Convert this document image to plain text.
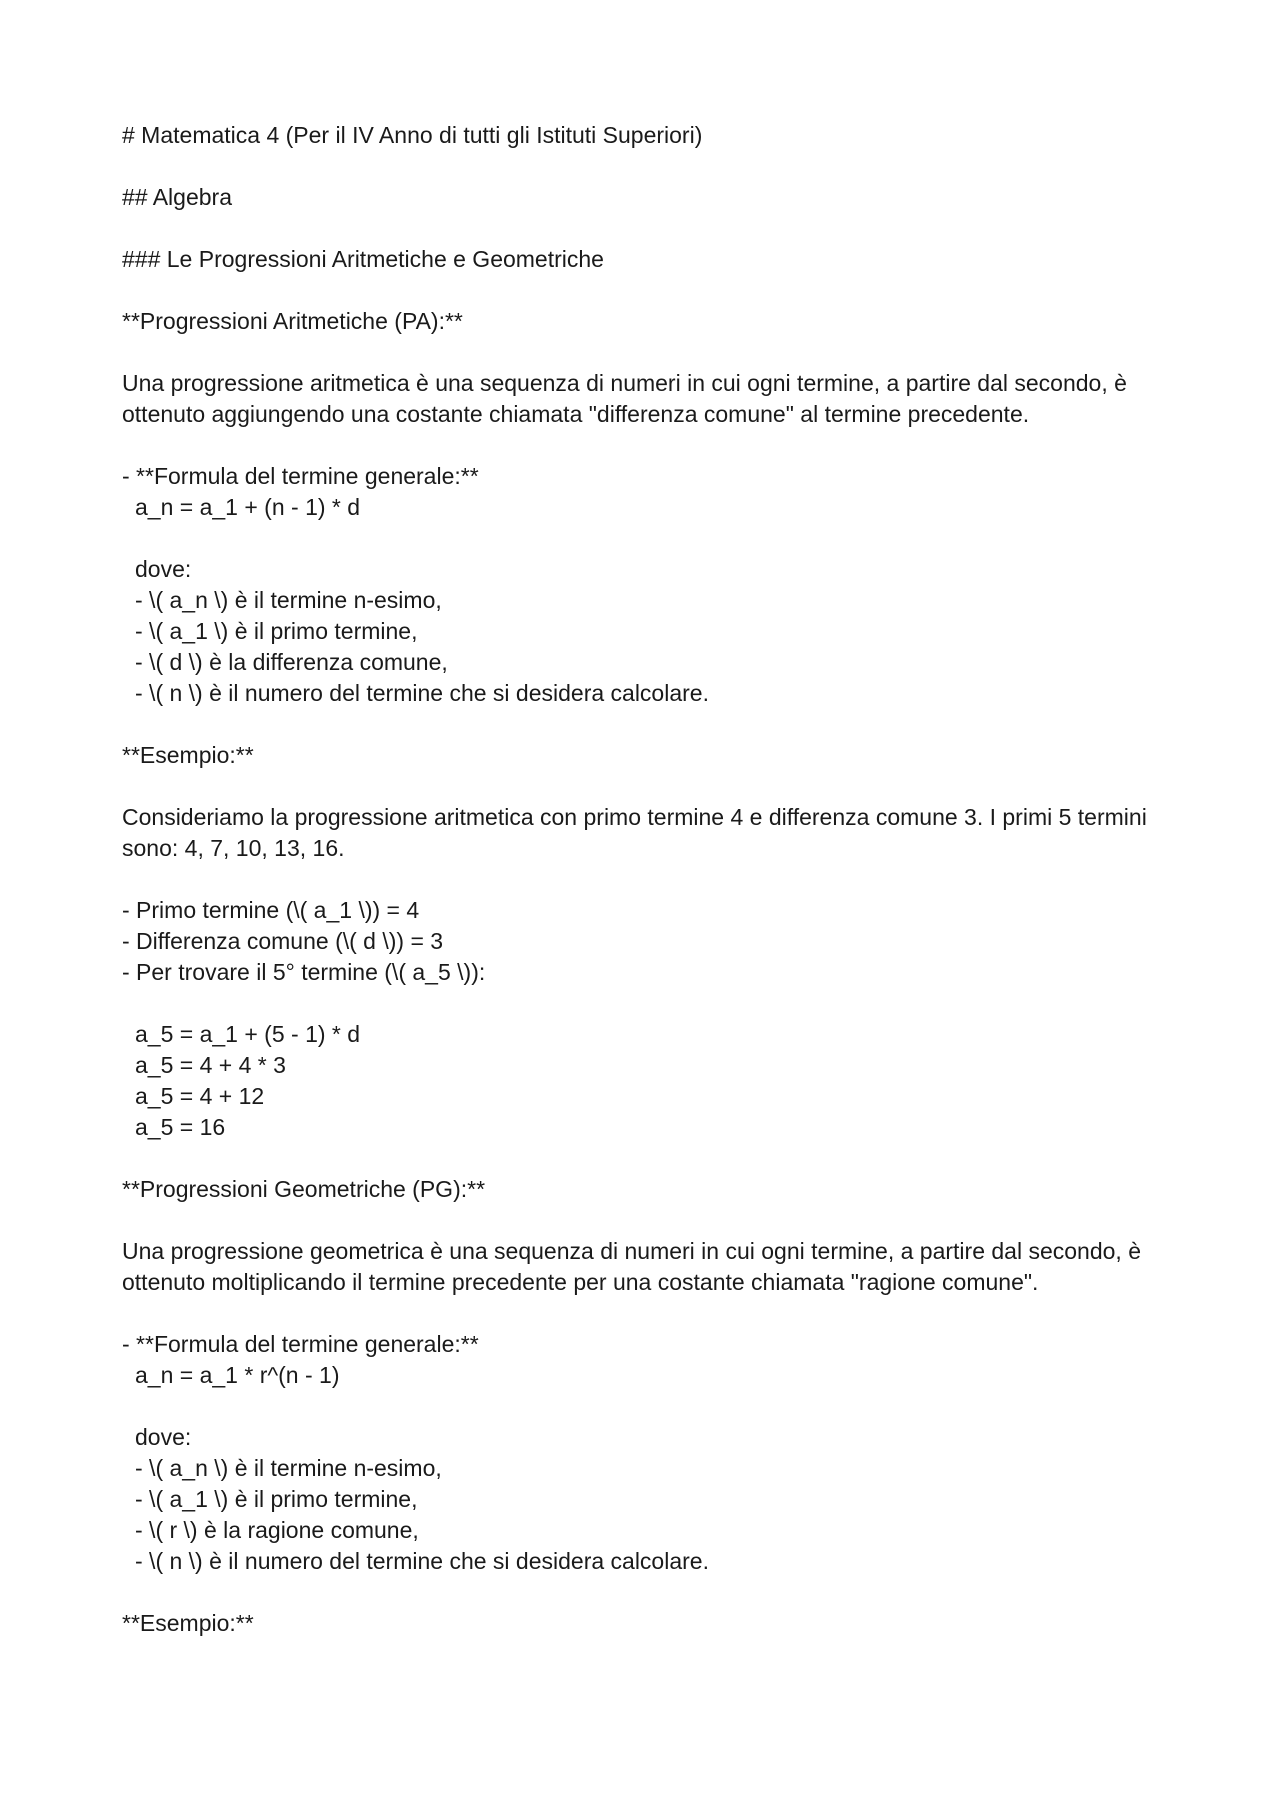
# Matematica 4 (Per il IV Anno di tutti gli Istituti Superiori)
## Algebra
### Le Progressioni Aritmetiche e Geometriche
**Progressioni Aritmetiche (PA):**
Una progressione aritmetica è una sequenza di numeri in cui ogni termine, a partire dal secondo, è ottenuto aggiungendo una costante chiamata "differenza comune" al termine precedente.
- **Formula del termine generale:**
a_n = a_1 + (n - 1) * d
dove:
- \( a_n \) è il termine n-esimo,
- \( a_1 \) è il primo termine,
- \( d \) è la differenza comune,
- \( n \) è il numero del termine che si desidera calcolare.
**Esempio:**
Consideriamo la progressione aritmetica con primo termine 4 e differenza comune 3. I primi 5 termini sono: 4, 7, 10, 13, 16.
- Primo termine (\( a_1 \)) = 4
- Differenza comune (\( d \)) = 3
- Per trovare il 5° termine (\( a_5 \)):
a_5 = a_1 + (5 - 1) * d
a_5 = 4 + 4 * 3
a_5 = 4 + 12
a_5 = 16
**Progressioni Geometriche (PG):**
Una progressione geometrica è una sequenza di numeri in cui ogni termine, a partire dal secondo, è ottenuto moltiplicando il termine precedente per una costante chiamata "ragione comune".
- **Formula del termine generale:**
a_n = a_1 * r^(n - 1)
dove:
- \( a_n \) è il termine n-esimo,
- \( a_1 \) è il primo termine,
- \( r \) è la ragione comune,
- \( n \) è il numero del termine che si desidera calcolare.
**Esempio:**
